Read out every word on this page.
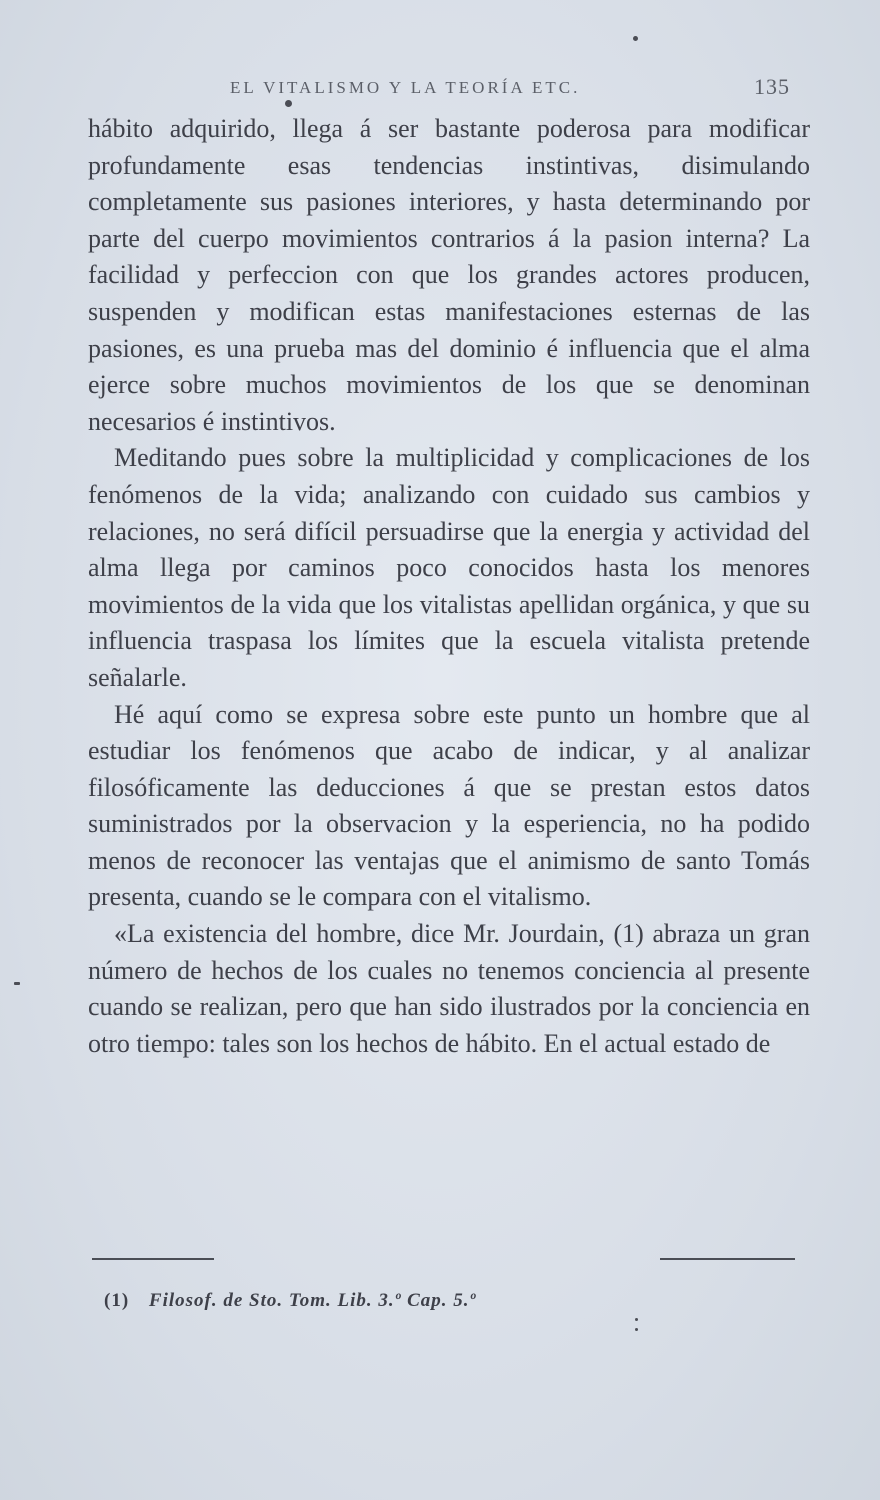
EL VITALISMO Y LA TEORÍA ETC.	135

hábito adquirido, llega á ser bastante poderosa para modificar profundamente esas tendencias instintivas, disimulando completamente sus pasiones interiores, y hasta determinando por parte del cuerpo movimientos contrarios á la pasion interna? La facilidad y perfeccion con que los grandes actores producen, suspenden y modifican estas manifestaciones esternas de las pasiones, es una prueba mas del dominio é influencia que el alma ejerce sobre muchos movimientos de los que se denominan necesarios é instintivos.

Meditando pues sobre la multiplicidad y complicaciones de los fenómenos de la vida; analizando con cuidado sus cambios y relaciones, no será difícil persuadirse que la energia y actividad del alma llega por caminos poco conocidos hasta los menores movimientos de la vida que los vitalistas apellidan orgánica, y que su influencia traspasa los límites que la escuela vitalista pretende señalarle.

Hé aquí como se expresa sobre este punto un hombre que al estudiar los fenómenos que acabo de indicar, y al analizar filosóficamente las deducciones á que se prestan estos datos suministrados por la observacion y la esperiencia, no ha podido menos de reconocer las ventajas que el animismo de santo Tomás presenta, cuando se le compara con el vitalismo.

«La existencia del hombre, dice Mr. Jourdain, (1) abraza un gran número de hechos de los cuales no tenemos conciencia al presente cuando se realizan, pero que han sido ilustrados por la conciencia en otro tiempo: tales son los hechos de hábito. En el actual estado de

(1) Filosof. de Sto. Tom. Lib. 3.º Cap. 5.º
